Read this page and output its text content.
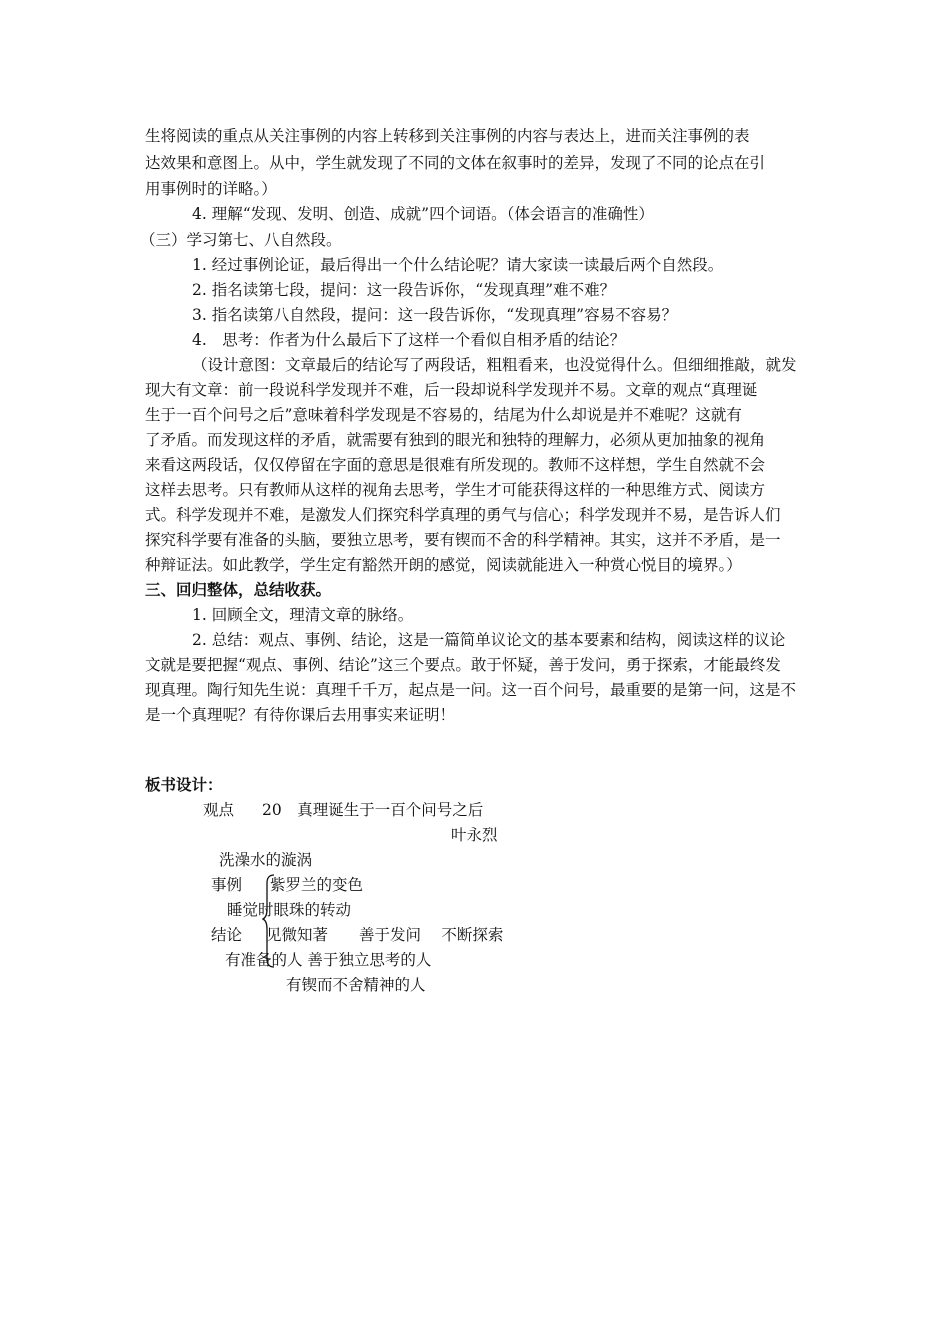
生将阅读的重点从关注事例的内容上转移到关注事例的内容与表达上，进而关注事例的表
达效果和意图上。从中，学生就发现了不同的文体在叙事时的差异，发现了不同的论点在引
用事例时的详略。）
4. 理解“发现、发明、创造、成就”四个词语。（体会语言的准确性）
（三）学习第七、八自然段。
1. 经过事例论证，最后得出一个什么结论呢？请大家读一读最后两个自然段。
2. 指名读第七段，提问：这一段告诉你，“发现真理”难不难？
3. 指名读第八自然段，提问：这一段告诉你，“发现真理”容易不容易？
4.　思考：作者为什么最后下了这样一个看似自相矛盾的结论？
（设计意图：文章最后的结论写了两段话，粗粗看来，也没觉得什么。但细细推敲，就发
现大有文章：前一段说科学发现并不难，后一段却说科学发现并不易。文章的观点“真理诞
生于一百个问号之后”意味着科学发现是不容易的，结尾为什么却说是并不难呢？这就有
了矛盾。而发现这样的矛盾，就需要有独到的眼光和独特的理解力，必须从更加抽象的视角
来看这两段话，仅仅停留在字面的意思是很难有所发现的。教师不这样想，学生自然就不会
这样去思考。只有教师从这样的视角去思考，学生才可能获得这样的一种思维方式、阅读方
式。科学发现并不难，是激发人们探究科学真理的勇气与信心；科学发现并不易，是告诉人们
探究科学要有准备的头脑，要独立思考，要有锲而不舍的科学精神。其实，这并不矛盾，是一
种辩证法。如此教学，学生定有豁然开朗的感觉，阅读就能进入一种赏心悦目的境界。）
三、回归整体，总结收获。
1. 回顾全文，理清文章的脉络。
2. 总结：观点、事例、结论，这是一篇简单议论文的基本要素和结构，阅读这样的议论
文就是要把握“观点、事例、结论”这三个要点。敢于怀疑，善于发问，勇于探索，才能最终发
现真理。陶行知先生说：真理千千万，起点是一问。这一百个问号，最重要的是第一问，这是不
是一个真理呢？有待你课后去用事实来证明！
板书设计：
观点 20　真理诞生于一百个问号之后
叶永烈
洗澡水的漩涡
事例 紫罗兰的变色
睡觉时眼珠的转动
结论 见微知著　　善于发问　 不断探索
有准备的人 善于独立思考的人
有锲而不舍精神的人
